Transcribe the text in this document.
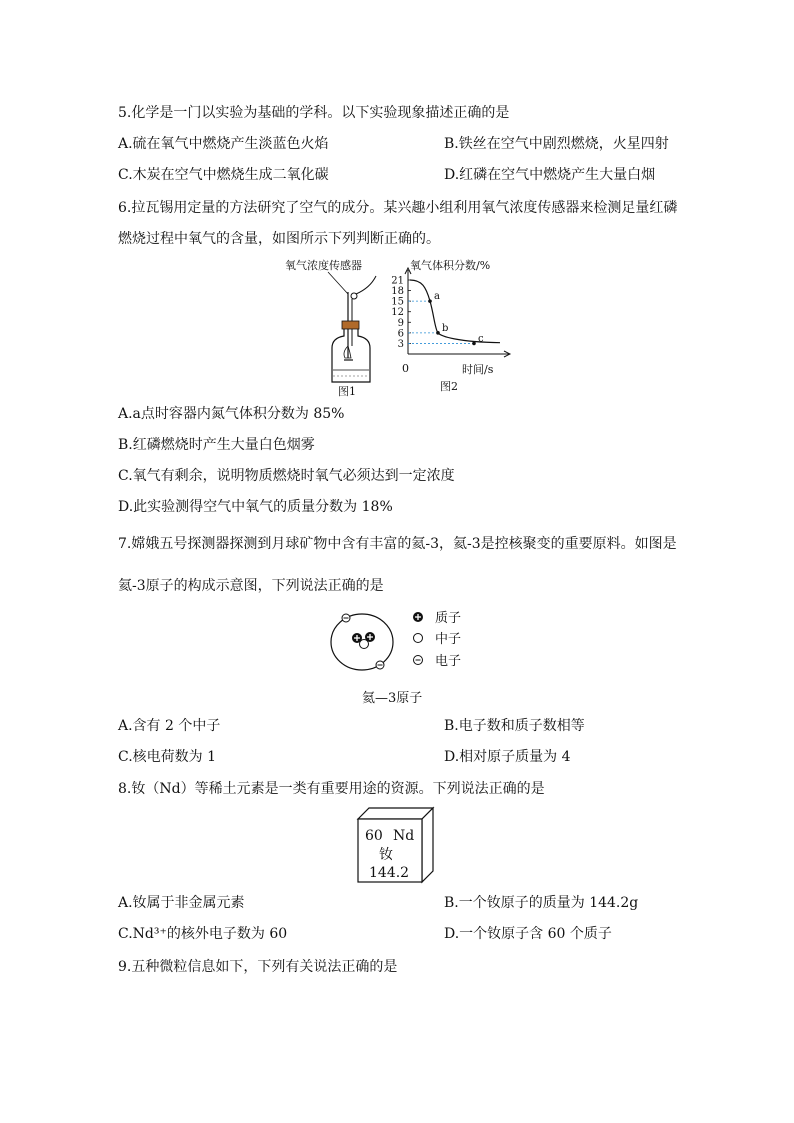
5.化学是一门以实验为基础的学科。以下实验现象描述正确的是
A.硫在氧气中燃烧产生淡蓝色火焰	B.铁丝在空气中剧烈燃烧，火星四射
C.木炭在空气中燃烧生成二氧化碳	D.红磷在空气中燃烧产生大量白烟
6.拉瓦锡用定量的方法研究了空气的成分。某兴趣小组利用氧气浓度传感器来检测足量红磷
燃烧过程中氧气的含量，如图所示下列判断正确的。
氧气浓度传感器
图1
氧气体积分数/%
0	时间/s
3
6
9
12
15
18
21
a
b
c
图2
A.a点时容器内氮气体积分数为 85%
B.红磷燃烧时产生大量白色烟雾
C.氧气有剩余，说明物质燃烧时氧气必须达到一定浓度
D.此实验测得空气中氧气的质量分数为 18%
7.嫦娥五号探测器探测到月球矿物中含有丰富的氦-3，氦-3是控核聚变的重要原料。如图是
氦-3原子的构成示意图，下列说法正确的是
质子
中子
电子
氦—3原子
A.含有 2 个中子	B.电子数和质子数相等
C.核电荷数为 1	D.相对原子质量为 4
8.钕（Nd）等稀土元素是一类有重要用途的资源。下列说法正确的是
60 Nd
钕
144.2
A.钕属于非金属元素	B.一个钕原子的质量为 144.2g
C.Nd³⁺的核外电子数为 60	D.一个钕原子含 60 个质子
9.五种微粒信息如下，下列有关说法正确的是
